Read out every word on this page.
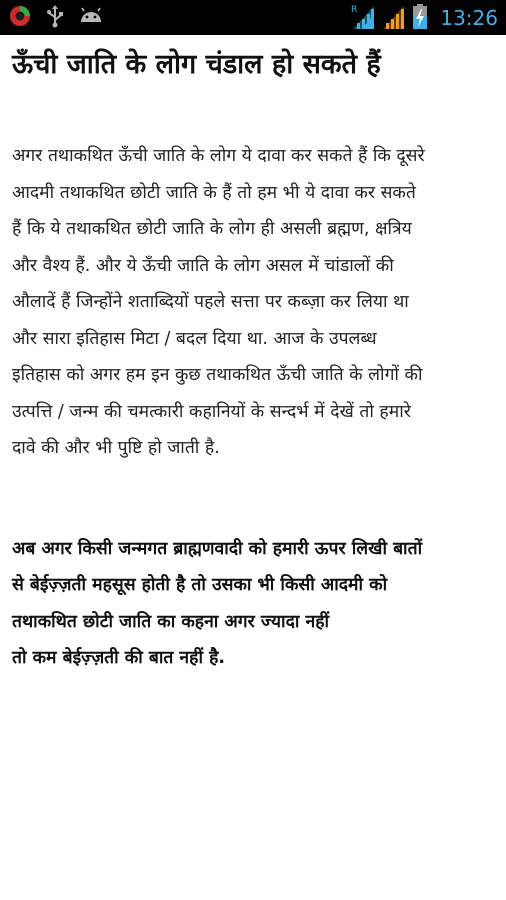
R	13:26
ऊँची जाति के लोग चंडाल हो सकते हैं

अगर तथाकथित ऊँची जाति के लोग ये दावा कर सकते हैं कि दूसरे
आदमी तथाकथित छोटी जाति के हैं तो हम भी ये दावा कर सकते
हैं कि ये तथाकथित छोटी जाति के लोग ही असली ब्रह्मण, क्षत्रिय
और वैश्य हैं. और ये ऊँची जाति के लोग असल में चांडालों की
औलादें हैं जिन्होंने शताब्दियों पहले सत्ता पर कब्ज़ा कर लिया था
और सारा इतिहास मिटा / बदल दिया था. आज के उपलब्ध
इतिहास को अगर हम इन कुछ तथाकथित ऊँची जाति के लोगों की
उत्पत्ति / जन्म की चमत्कारी कहानियों के सन्दर्भ में देखें तो हमारे
दावे की और भी पुष्टि हो जाती है.

अब अगर किसी जन्मगत ब्राह्मणवादी को हमारी ऊपर लिखी बातों
से बेईज़्ज़ती महसूस होती है तो उसका भी किसी आदमी को
तथाकथित छोटी जाति का कहना अगर ज्यादा नहीं
तो कम बेईज़्ज़ती की बात नहीं है.
